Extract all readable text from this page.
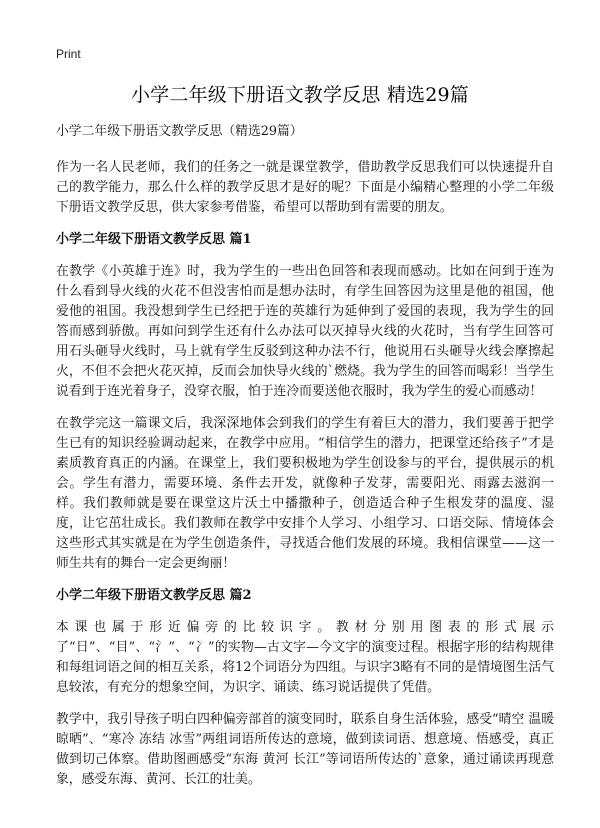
Print
小学二年级下册语文教学反思 精选29篇

小学二年级下册语文教学反思（精选29篇）

作为一名人民老师，我们的任务之一就是课堂教学，借助教学反思我们可以快速提升自己的教学能力，那么什么样的教学反思才是好的呢？下面是小编精心整理的小学二年级下册语文教学反思，供大家参考借鉴，希望可以帮助到有需要的朋友。

小学二年级下册语文教学反思 篇1

在教学《小英雄于连》时，我为学生的一些出色回答和表现而感动。比如在问到于连为什么看到导火线的火花不但没害怕而是想办法时，有学生回答因为这里是他的祖国，他爱他的祖国。我没想到学生已经把于连的英雄行为延伸到了爱国的表现，我为学生的回答而感到骄傲。再如问到学生还有什么办法可以灭掉导火线的火花时，当有学生回答可用石头砸导火线时，马上就有学生反驳到这种办法不行，他说用石头砸导火线会摩擦起火，不但不会把火花灭掉，反而会加快导火线的`燃烧。我为学生的回答而喝彩！当学生说看到于连光着身子，没穿衣服，怕于连冷而要送他衣服时，我为学生的爱心而感动！

在教学完这一篇课文后，我深深地体会到我们的学生有着巨大的潜力，我们要善于把学生已有的知识经验调动起来，在教学中应用。“相信学生的潜力，把课堂还给孩子”才是素质教育真正的内涵。在课堂上，我们要积极地为学生创设参与的平台，提供展示的机会。学生有潜力，需要环境、条件去开发，就像种子发芽，需要阳光、雨露去滋润一样。我们教师就是要在课堂这片沃土中播撒种子，创造适合种子生根发芽的温度、湿度，让它茁壮成长。我们教师在教学中安排个人学习、小组学习、口语交际、情境体会这些形式其实就是在为学生创造条件，寻找适合他们发展的环境。我相信课堂——这一师生共有的舞台一定会更绚丽！

小学二年级下册语文教学反思 篇2

本课也属于形近偏旁的比较识字。教材分别用图表的形式展示了“日”、“目”、“氵”、“冫”的实物—古文字—今文字的演变过程。根据字形的结构规律和每组词语之间的相互关系，将12个词语分为四组。与识字3略有不同的是情境图生活气息较浓，有充分的想象空间，为识字、诵读、练习说话提供了凭借。

教学中，我引导孩子明白四种偏旁部首的演变同时，联系自身生活体验，感受“晴空 温暖 晾晒”、“寒冷 冻结 冰雪”两组词语所传达的意境，做到读词语、想意境、悟感受，真正做到切己体察。借助图画感受“东海 黄河 长江”等词语所传达的`意象，通过诵读再现意象，感受东海、黄河、长江的壮美。
